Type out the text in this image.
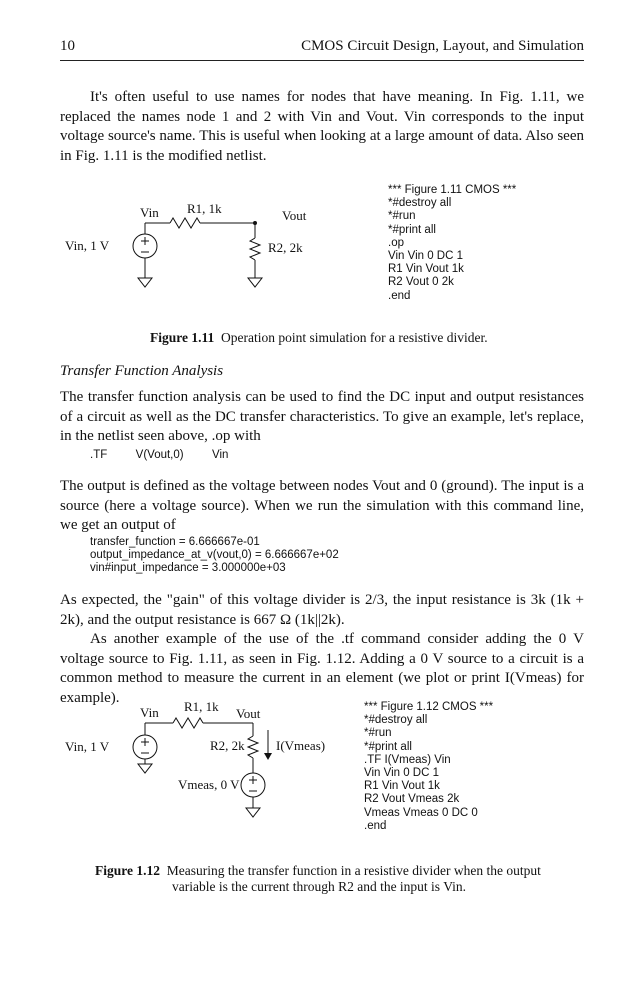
10	CMOS Circuit Design, Layout, and Simulation
It's often useful to use names for nodes that have meaning. In Fig. 1.11, we replaced the names node 1 and 2 with Vin and Vout. Vin corresponds to the input voltage source's name. This is useful when looking at a large amount of data. Also seen in Fig. 1.11 is the modified netlist.
Vin R1, 1k	Vout
Vin, 1 V	R2, 2k
*** Figure 1.11 CMOS ***
*#destroy all
*#run
*#print all
.op
Vin Vin 0 DC 1
R1 Vin Vout 1k
R2 Vout 0 2k
.end
Figure 1.11 Operation point simulation for a resistive divider.
Transfer Function Analysis
The transfer function analysis can be used to find the DC input and output resistances of a circuit as well as the DC transfer characteristics. To give an example, let's replace, in the netlist seen above, .op with
.TF V(Vout,0) Vin
The output is defined as the voltage between nodes Vout and 0 (ground). The input is a source (here a voltage source). When we run the simulation with this command line, we get an output of
transfer_function = 6.666667e-01
output_impedance_at_v(vout,0) = 6.666667e+02
vin#input_impedance = 3.000000e+03
As expected, the "gain" of this voltage divider is 2/3, the input resistance is 3k (1k + 2k), and the output resistance is 667 Ω (1k||2k).
As another example of the use of the .tf command consider adding the 0 V voltage source to Fig. 1.11, as seen in Fig. 1.12. Adding a 0 V source to a circuit is a common method to measure the current in an element (we plot or print I(Vmeas) for example).
Vin R1, 1k Vout
Vin, 1 V	R2, 2k I(Vmeas)
Vmeas, 0 V
*** Figure 1.12 CMOS ***
*#destroy all
*#run
*#print all
.TF I(Vmeas) Vin
Vin Vin 0 DC 1
R1 Vin Vout 1k
R2 Vout Vmeas 2k
Vmeas Vmeas 0 DC 0
.end
Figure 1.12 Measuring the transfer function in a resistive divider when the output
variable is the current through R2 and the input is Vin.
